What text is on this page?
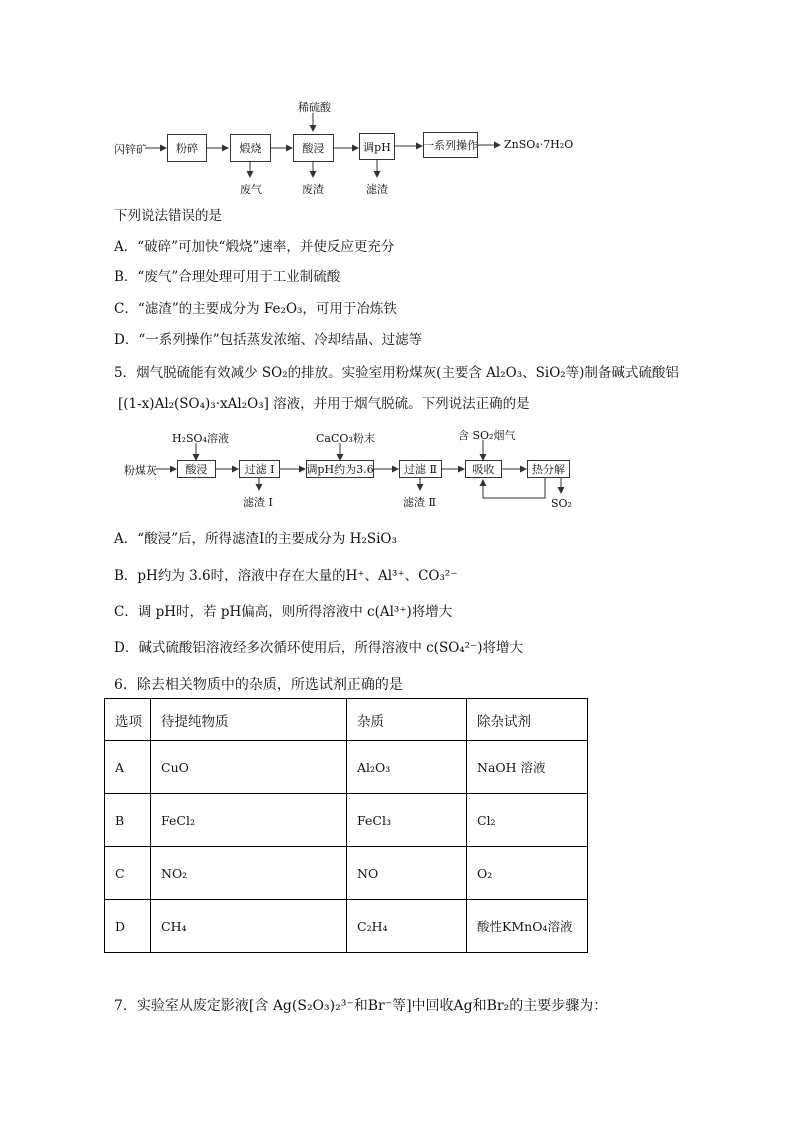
闪锌矿	粉碎	煅烧	酸浸	调pH	一系列操作
稀硫酸
废气	废渣	滤渣
ZnSO₄·7H₂O
下列说法错误的是
A．“破碎”可加快“煅烧”速率，并使反应更充分
B．“废气”合理处理可用于工业制硫酸
C．“滤渣”的主要成分为 Fe₂O₃，可用于冶炼铁
D．“一系列操作”包括蒸发浓缩、冷却结晶、过滤等
5．烟气脱硫能有效减少 SO₂的排放。实验室用粉煤灰(主要含 Al₂O₃、SiO₂等)制备碱式硫酸铝
[(1-x)Al₂(SO₄)₃·xAl₂O₃] 溶液，并用于烟气脱硫。下列说法正确的是
粉煤灰	酸浸	过滤 Ⅰ	调pH约为3.6	过滤 Ⅱ	吸收	热分解
H₂SO₄溶液	CaCO₃粉末	含 SO₂烟气
滤渣 Ⅰ	滤渣 Ⅱ	SO₂
A．“酸浸”后，所得滤渣Ⅰ的主要成分为 H₂SiO₃
B．pH约为 3.6时，溶液中存在大量的H⁺、Al³⁺、CO₃²⁻
C．调 pH时，若 pH偏高，则所得溶液中 c(Al³⁺)将增大
D．碱式硫酸铝溶液经多次循环使用后，所得溶液中 c(SO₄²⁻)将增大
6．除去相关物质中的杂质，所选试剂正确的是
选项	待提纯物质	杂质	除杂试剂
A	CuO	Al₂O₃	NaOH 溶液
B	FeCl₂	FeCl₃	Cl₂
C	NO₂	NO	O₂
D	CH₄	C₂H₄	酸性KMnO₄溶液
7．实验室从废定影液[含 Ag(S₂O₃)₂³⁻和Br⁻等]中回收Ag和Br₂的主要步骤为：
